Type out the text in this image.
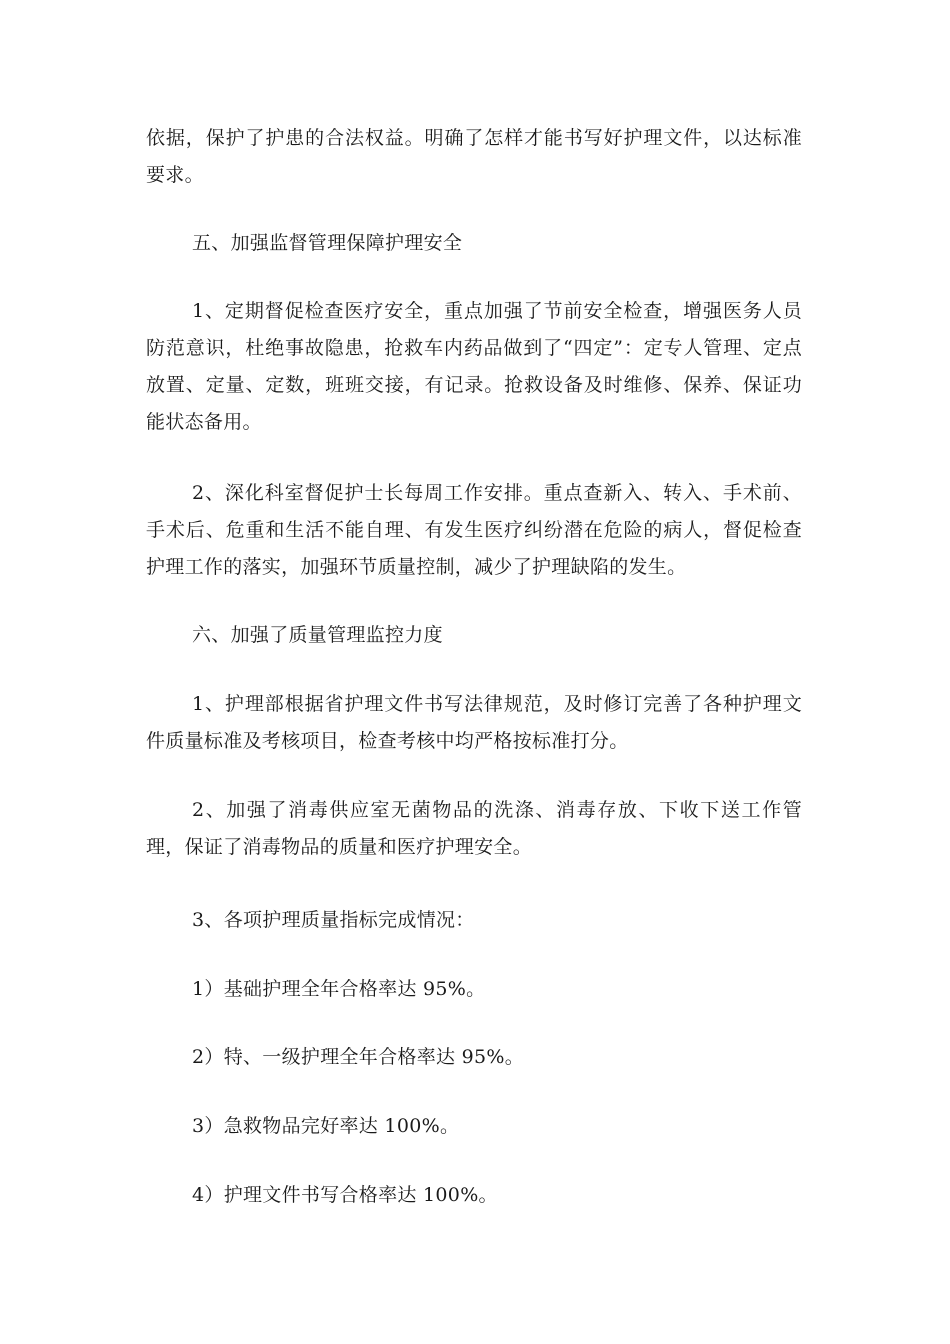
依据，保护了护患的合法权益。明确了怎样才能书写好护理文件，以达标准要求。

五、加强监督管理保障护理安全

1、定期督促检查医疗安全，重点加强了节前安全检查，增强医务人员防范意识，杜绝事故隐患，抢救车内药品做到了“四定”：定专人管理、定点放置、定量、定数，班班交接，有记录。抢救设备及时维修、保养、保证功能状态备用。

2、深化科室督促护士长每周工作安排。重点查新入、转入、手术前、手术后、危重和生活不能自理、有发生医疗纠纷潜在危险的病人，督促检查护理工作的落实，加强环节质量控制，减少了护理缺陷的发生。

六、加强了质量管理监控力度

1、护理部根据省护理文件书写法律规范，及时修订完善了各种护理文件质量标准及考核项目，检查考核中均严格按标准打分。

2、加强了消毒供应室无菌物品的洗涤、消毒存放、下收下送工作管理，保证了消毒物品的质量和医疗护理安全。

3、各项护理质量指标完成情况：

1）基础护理全年合格率达 95%。

2）特、一级护理全年合格率达 95%。

3）急救物品完好率达 100%。

4）护理文件书写合格率达 100%。
